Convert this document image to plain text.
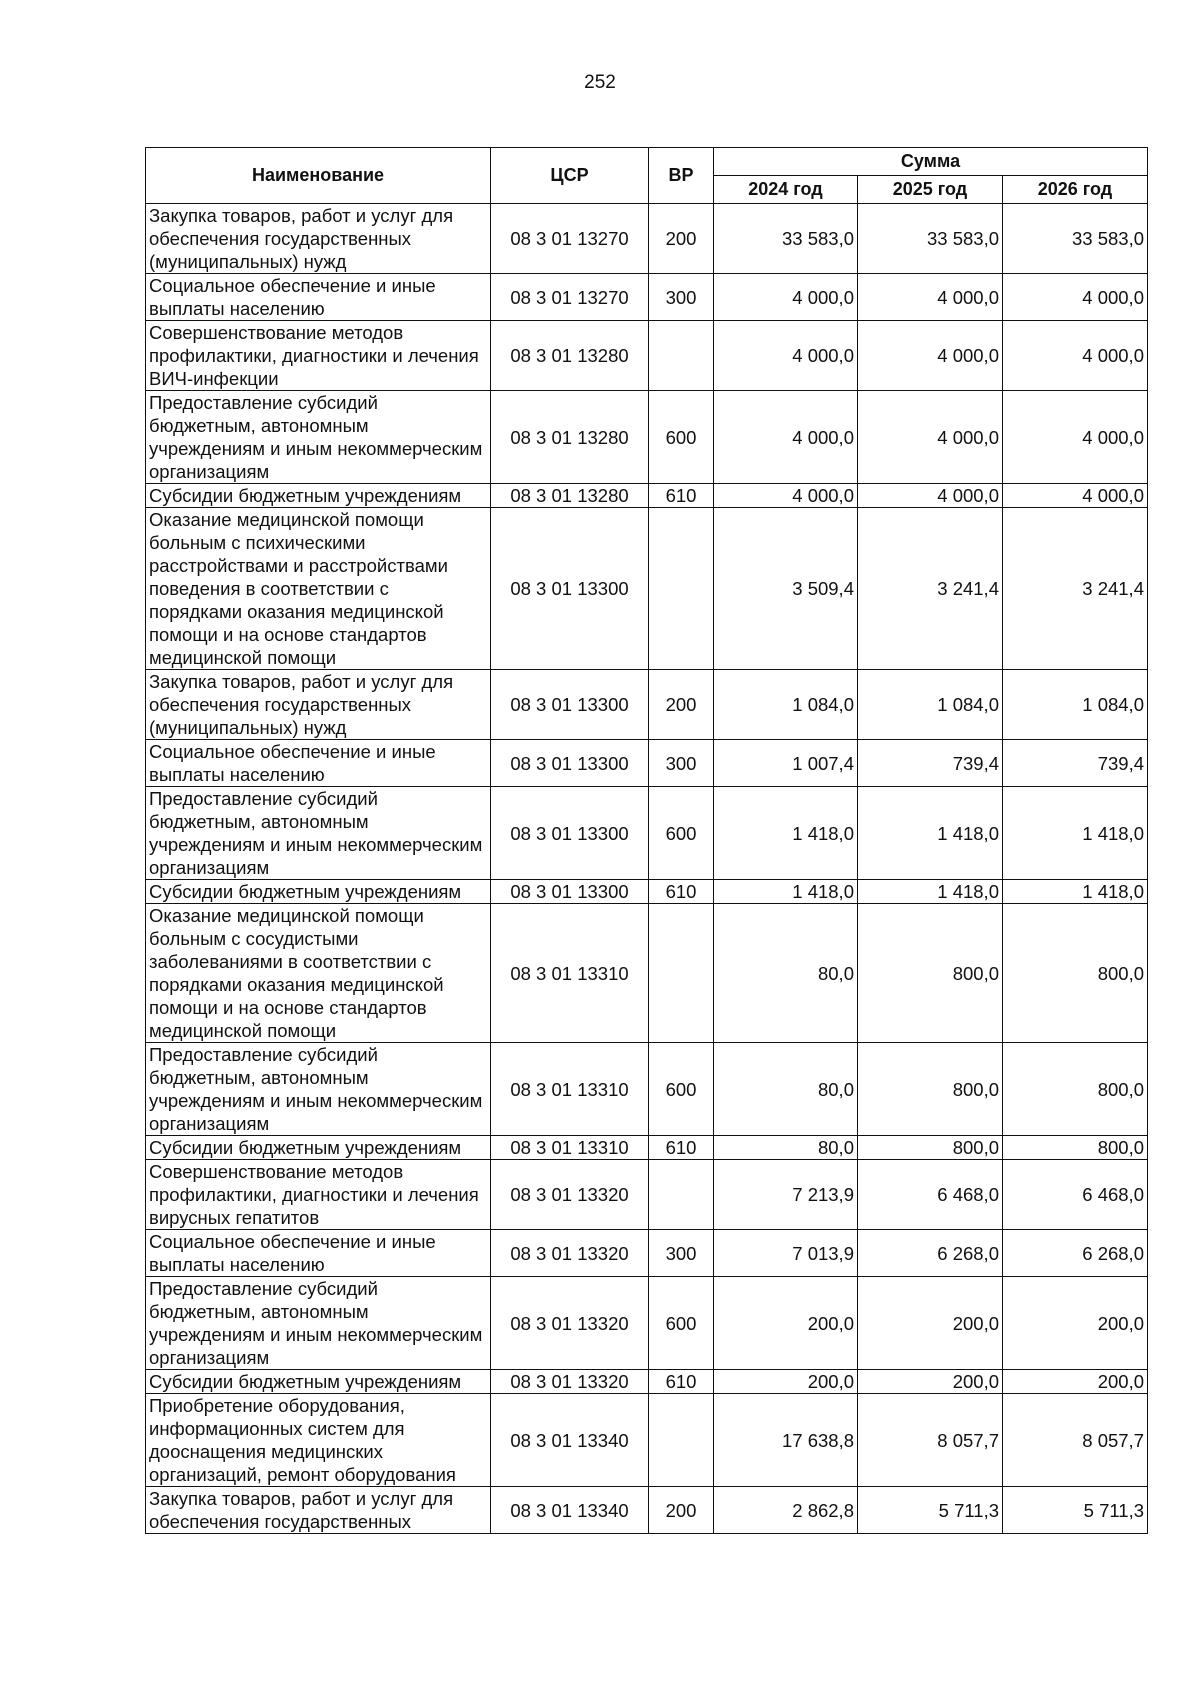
252
Наименование	ЦСР	ВР	Сумма		
			2024 год	2025 год	2026 год
Закупка товаров, работ и услуг для обеспечения государственных (муниципальных) нужд	08 3 01 13270	200	33 583,0	33 583,0	33 583,0
Социальное обеспечение и иные выплаты населению	08 3 01 13270	300	4 000,0	4 000,0	4 000,0
Совершенствование методов профилактики, диагностики и лечения ВИЧ-инфекции	08 3 01 13280		4 000,0	4 000,0	4 000,0
Предоставление субсидий бюджетным, автономным учреждениям и иным некоммерческим организациям	08 3 01 13280	600	4 000,0	4 000,0	4 000,0
Субсидии бюджетным учреждениям	08 3 01 13280	610	4 000,0	4 000,0	4 000,0
Оказание медицинской помощи больным с психическими расстройствами и расстройствами поведения в соответствии с порядками оказания медицинской помощи и на основе стандартов медицинской помощи	08 3 01 13300		3 509,4	3 241,4	3 241,4
Закупка товаров, работ и услуг для обеспечения государственных (муниципальных) нужд	08 3 01 13300	200	1 084,0	1 084,0	1 084,0
Социальное обеспечение и иные выплаты населению	08 3 01 13300	300	1 007,4	739,4	739,4
Предоставление субсидий бюджетным, автономным учреждениям и иным некоммерческим организациям	08 3 01 13300	600	1 418,0	1 418,0	1 418,0
Субсидии бюджетным учреждениям	08 3 01 13300	610	1 418,0	1 418,0	1 418,0
Оказание медицинской помощи больным с сосудистыми заболеваниями в соответствии с порядками оказания медицинской помощи и на основе стандартов медицинской помощи	08 3 01 13310		80,0	800,0	800,0
Предоставление субсидий бюджетным, автономным учреждениям и иным некоммерческим организациям	08 3 01 13310	600	80,0	800,0	800,0
Субсидии бюджетным учреждениям	08 3 01 13310	610	80,0	800,0	800,0
Совершенствование методов профилактики, диагностики и лечения вирусных гепатитов	08 3 01 13320		7 213,9	6 468,0	6 468,0
Социальное обеспечение и иные выплаты населению	08 3 01 13320	300	7 013,9	6 268,0	6 268,0
Предоставление субсидий бюджетным, автономным учреждениям и иным некоммерческим организациям	08 3 01 13320	600	200,0	200,0	200,0
Субсидии бюджетным учреждениям	08 3 01 13320	610	200,0	200,0	200,0
Приобретение оборудования, информационных систем для дооснащения медицинских организаций, ремонт оборудования	08 3 01 13340		17 638,8	8 057,7	8 057,7
Закупка товаров, работ и услуг для обеспечения государственных	08 3 01 13340	200	2 862,8	5 711,3	5 711,3
